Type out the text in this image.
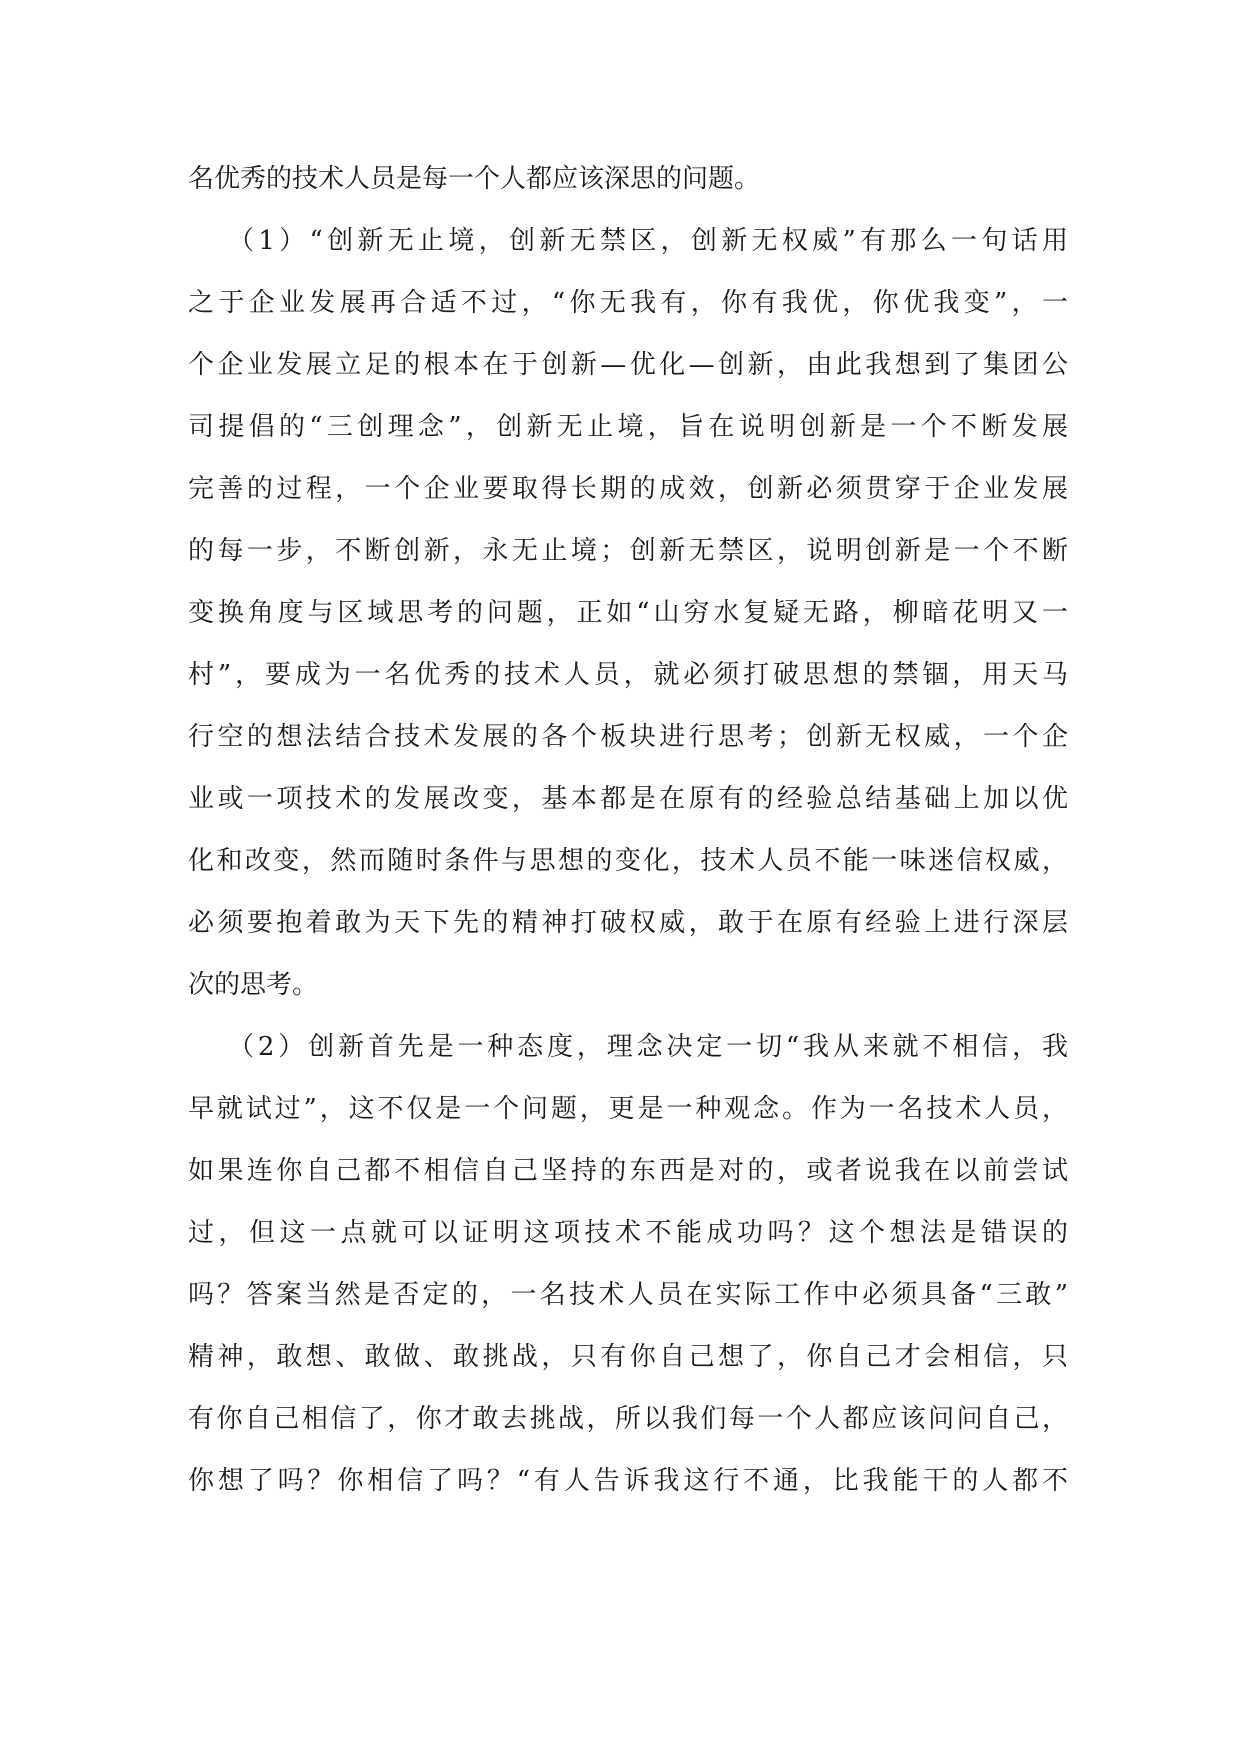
名优秀的技术人员是每一个人都应该深思的问题。
（1）“创新无止境，创新无禁区，创新无权威”有那么一句话用
之于企业发展再合适不过，“你无我有，你有我优，你优我变”，一
个企业发展立足的根本在于创新—优化—创新，由此我想到了集团公
司提倡的“三创理念”，创新无止境，旨在说明创新是一个不断发展
完善的过程，一个企业要取得长期的成效，创新必须贯穿于企业发展
的每一步，不断创新，永无止境；创新无禁区，说明创新是一个不断
变换角度与区域思考的问题，正如“山穷水复疑无路，柳暗花明又一
村”，要成为一名优秀的技术人员，就必须打破思想的禁锢，用天马
行空的想法结合技术发展的各个板块进行思考；创新无权威，一个企
业或一项技术的发展改变，基本都是在原有的经验总结基础上加以优
化和改变，然而随时条件与思想的变化，技术人员不能一味迷信权威，
必须要抱着敢为天下先的精神打破权威，敢于在原有经验上进行深层
次的思考。
（2）创新首先是一种态度，理念决定一切“我从来就不相信，我
早就试过”，这不仅是一个问题，更是一种观念。作为一名技术人员，
如果连你自己都不相信自己坚持的东西是对的，或者说我在以前尝试
过，但这一点就可以证明这项技术不能成功吗？这个想法是错误的
吗？答案当然是否定的，一名技术人员在实际工作中必须具备“三敢”
精神，敢想、敢做、敢挑战，只有你自己想了，你自己才会相信，只
有你自己相信了，你才敢去挑战，所以我们每一个人都应该问问自己，
你想了吗？你相信了吗？“有人告诉我这行不通，比我能干的人都不
